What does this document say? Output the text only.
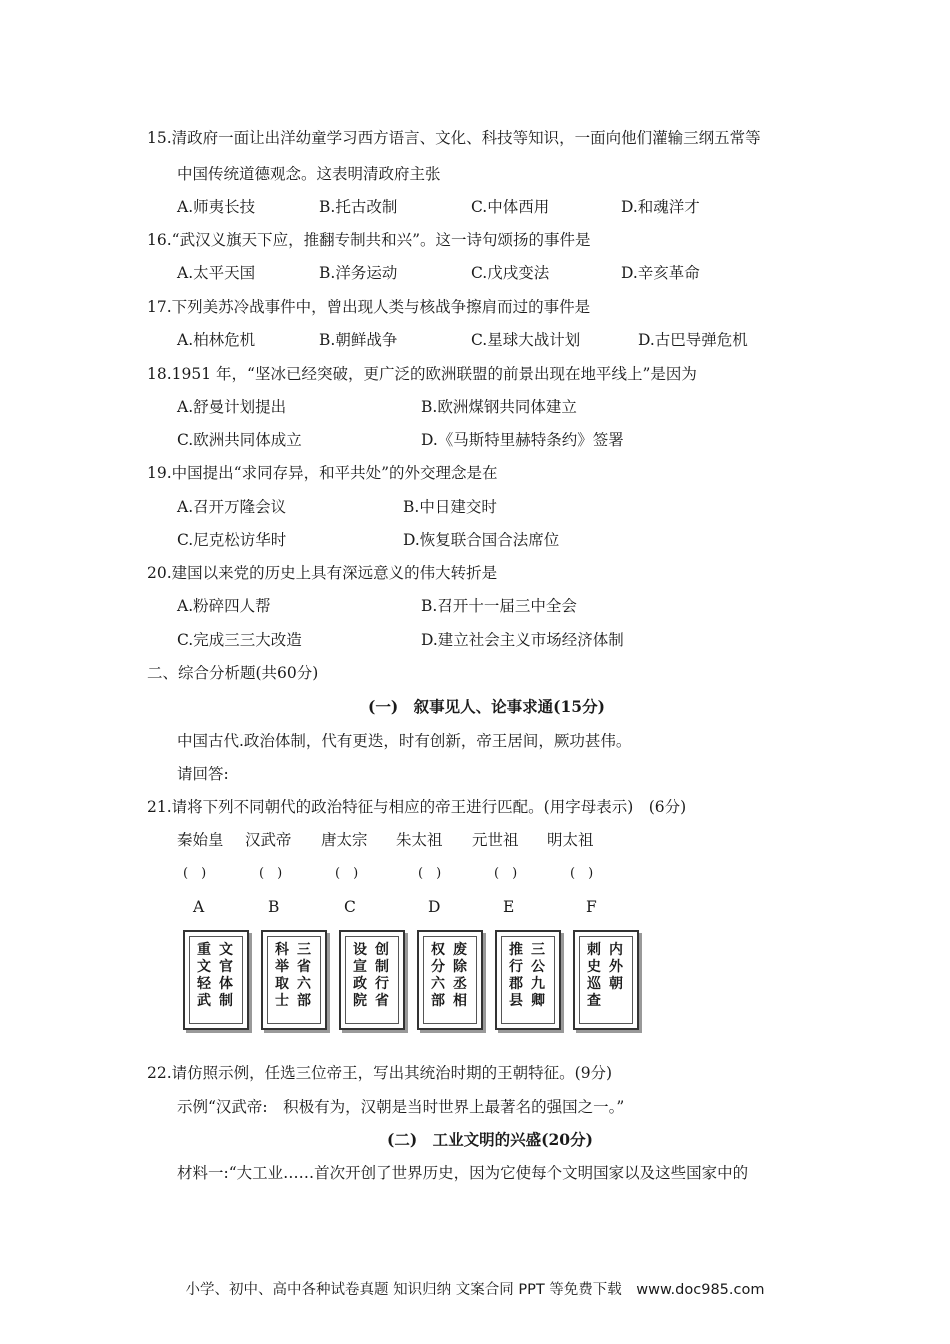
15.清政府一面让出洋幼童学习西方语言、文化、科技等知识，一面向他们灌输三纲五常等
中国传统道德观念。这表明清政府主张
A.师夷长技	B.托古改制	C.中体西用	D.和魂洋才
16.“武汉义旗天下应，推翻专制共和兴”。这一诗句颂扬的事件是
A.太平天国	B.洋务运动	C.戊戌变法	D.辛亥革命
17.下列美苏冷战事件中，曾出现人类与核战争擦肩而过的事件是
A.柏林危机	B.朝鲜战争	C.星球大战计划	D.古巴导弹危机
18.1951 年，“坚冰已经突破，更广泛的欧洲联盟的前景出现在地平线上”是因为
A.舒曼计划提出	B.欧洲煤钢共同体建立
C.欧洲共同体成立	D.《马斯特里赫特条约》签署
19.中国提出“求同存异，和平共处”的外交理念是在
A.召开万隆会议	B.中日建交时
C.尼克松访华时	D.恢复联合国合法席位
20.建国以来党的历史上具有深远意义的伟大转折是
A.粉碎四人帮	B.召开十一届三中全会
C.完成三三大改造	D.建立社会主义市场经济体制
二、综合分析题(共60分)
(一)　叙事见人、论事求通(15分)
中国古代.政治体制，代有更迭，时有创新，帝王居间，厥功甚伟。
请回答:
21.请将下列不同朝代的政治特征与相应的帝王进行匹配。(用字母表示)　(6分)
秦始皇 汉武帝 唐太宗 朱太祖 元世祖 明太祖
(　)	(　)	(　)	(　)	(　)	(　)
A	B	C	D	E	F
文官体制
重文轻武
三省六部
科举取士
创制行省
设宣政院
废除丞相
权分六部
三公九卿
推行郡县
内外朝
刺史巡查
22.请仿照示例，任选三位帝王，写出其统治时期的王朝特征。(9分)
示例“汉武帝:　积极有为，汉朝是当时世界上最著名的强国之一。”
(二)　工业文明的兴盛(20分)
材料一:“大工业……首次开创了世界历史，因为它使每个文明国家以及这些国家中的
小学、初中、高中各种试卷真题 知识归纳 文案合同 PPT 等免费下载　www.doc985.com
